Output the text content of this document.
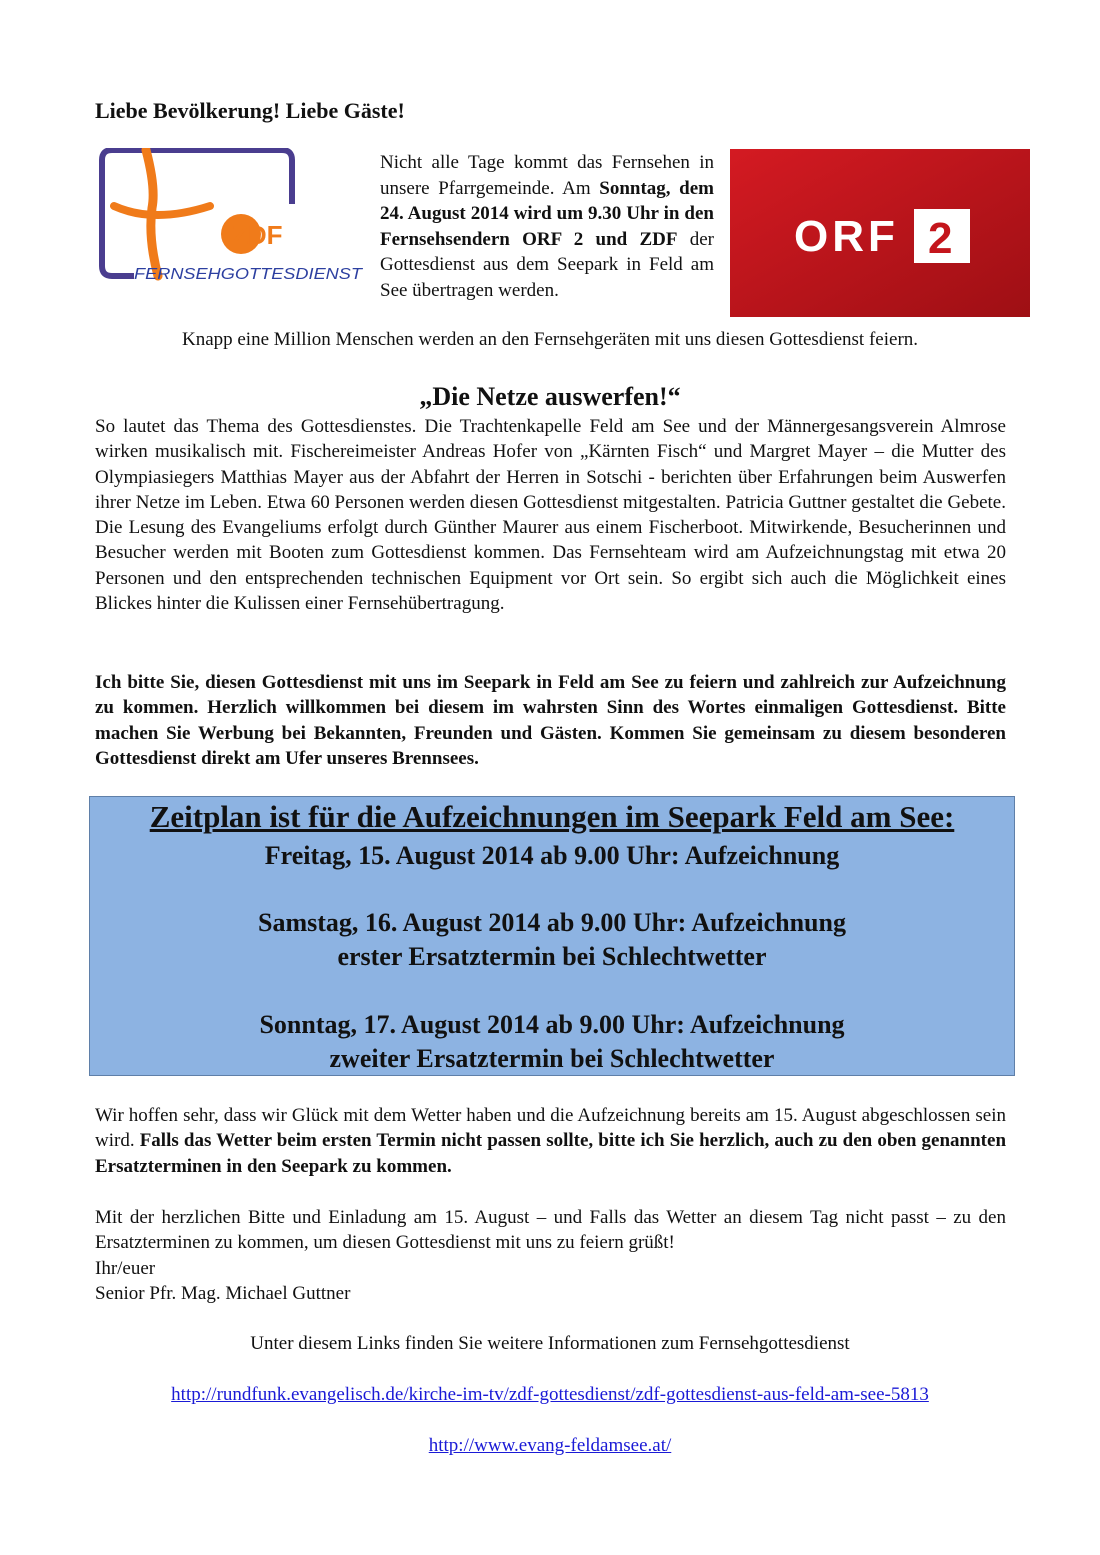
Liebe Bevölkerung! Liebe Gäste!
ZDF
FERNSEHGOTTESDIENST
Nicht alle Tage kommt das Fernsehen in unsere Pfarrgemeinde. Am Sonntag, dem 24. August 2014 wird um 9.30 Uhr in den Fernsehsendern ORF 2 und ZDF der Gottesdienst aus dem Seepark in Feld am See übertragen werden.
ORF 2
Knapp eine Million Menschen werden an den Fernsehgeräten mit uns diesen Gottesdienst feiern.
„Die Netze auswerfen!“
So lautet das Thema des Gottesdienstes. Die Trachtenkapelle Feld am See und der Männergesangsverein Almrose wirken musikalisch mit. Fischereimeister Andreas Hofer von „Kärnten Fisch“ und Margret Mayer – die Mutter des Olympiasiegers Matthias Mayer aus der Abfahrt der Herren in Sotschi - berichten über Erfahrungen beim Auswerfen ihrer Netze im Leben. Etwa 60 Personen werden diesen Gottesdienst mitgestalten. Patricia Guttner gestaltet die Gebete. Die Lesung des Evangeliums erfolgt durch Günther Maurer aus einem Fischerboot. Mitwirkende, Besucherinnen und Besucher werden mit Booten zum Gottesdienst kommen. Das Fernsehteam wird am Aufzeichnungstag mit etwa 20 Personen und den entsprechenden technischen Equipment vor Ort sein. So ergibt sich auch die Möglichkeit eines Blickes hinter die Kulissen einer Fernsehübertragung.
Ich bitte Sie, diesen Gottesdienst mit uns im Seepark in Feld am See zu feiern und zahlreich zur Aufzeichnung zu kommen. Herzlich willkommen bei diesem im wahrsten Sinn des Wortes einmaligen Gottesdienst. Bitte machen Sie Werbung bei Bekannten, Freunden und Gästen. Kommen Sie gemeinsam zu diesem besonderen Gottesdienst direkt am Ufer unseres Brennsees.
Zeitplan ist für die Aufzeichnungen im Seepark Feld am See:
Freitag, 15. August 2014 ab 9.00 Uhr: Aufzeichnung
Samstag, 16. August 2014 ab 9.00 Uhr: Aufzeichnung
erster Ersatztermin bei Schlechtwetter
Sonntag, 17. August 2014 ab 9.00 Uhr: Aufzeichnung
zweiter Ersatztermin bei Schlechtwetter
Wir hoffen sehr, dass wir Glück mit dem Wetter haben und die Aufzeichnung bereits am 15. August abgeschlossen sein wird. Falls das Wetter beim ersten Termin nicht passen sollte, bitte ich Sie herzlich, auch zu den oben genannten Ersatzterminen in den Seepark zu kommen.
Mit der herzlichen Bitte und Einladung am 15. August – und Falls das Wetter an diesem Tag nicht passt – zu den Ersatzterminen zu kommen, um diesen Gottesdienst mit uns zu feiern grüßt!
Ihr/euer
Senior Pfr. Mag. Michael Guttner
Unter diesem Links finden Sie weitere Informationen zum Fernsehgottesdienst
http://rundfunk.evangelisch.de/kirche-im-tv/zdf-gottesdienst/zdf-gottesdienst-aus-feld-am-see-5813
http://www.evang-feldamsee.at/
